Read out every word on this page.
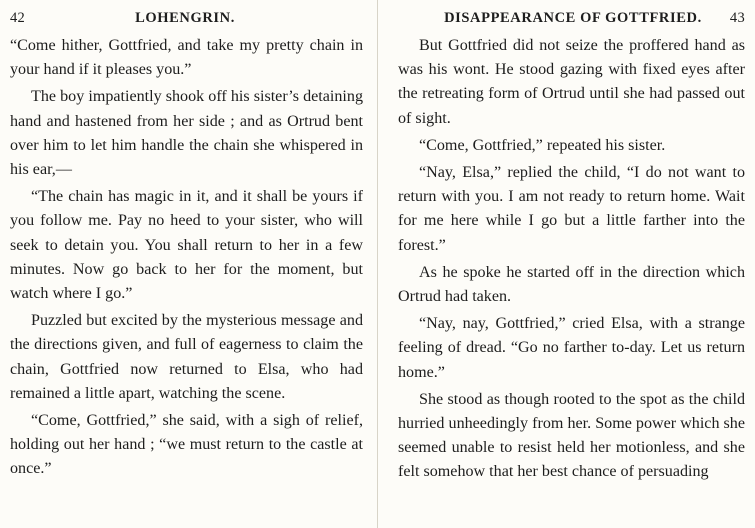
42	LOHENGRIN.

“Come hither, Gottfried, and take my pretty chain in your hand if it pleases you.”

The boy impatiently shook off his sister’s detaining hand and hastened from her side ; and as Ortrud bent over him to let him handle the chain she whispered in his ear,—

“The chain has magic in it, and it shall be yours if you follow me. Pay no heed to your sister, who will seek to detain you. You shall return to her in a few minutes. Now go back to her for the moment, but watch where I go.”

Puzzled but excited by the mysterious message and the directions given, and full of eagerness to claim the chain, Gottfried now returned to Elsa, who had remained a little apart, watching the scene.

“Come, Gottfried,” she said, with a sigh of relief, holding out her hand ; “we must return to the castle at once.”

DISAPPEARANCE OF GOTTFRIED. 43

But Gottfried did not seize the proffered hand as was his wont. He stood gazing with fixed eyes after the retreating form of Ortrud until she had passed out of sight.

“Come, Gottfried,” repeated his sister.

“Nay, Elsa,” replied the child, “I do not want to return with you. I am not ready to return home. Wait for me here while I go but a little farther into the forest.”

As he spoke he started off in the direction which Ortrud had taken.

“Nay, nay, Gottfried,” cried Elsa, with a strange feeling of dread. “Go no farther to-day. Let us return home.”

She stood as though rooted to the spot as the child hurried unheedingly from her. Some power which she seemed unable to resist held her motionless, and she felt somehow that her best chance of persuading
